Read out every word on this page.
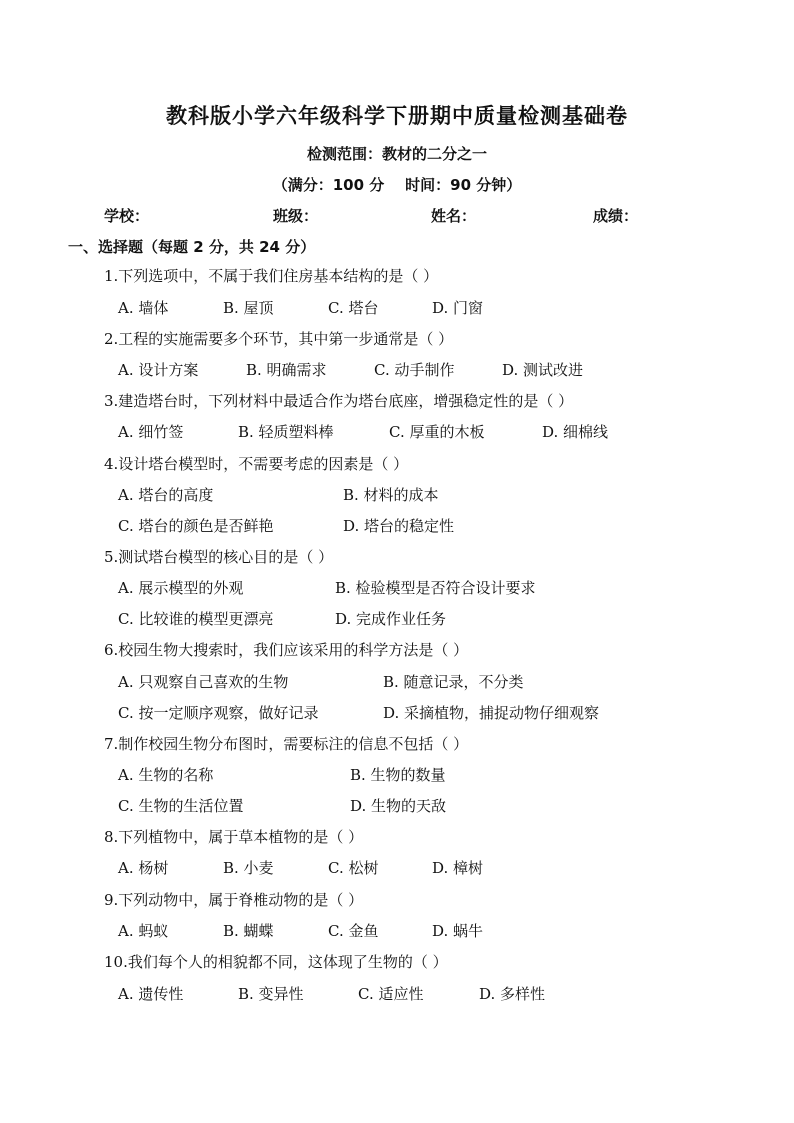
教科版小学六年级科学下册期中质量检测基础卷
检测范围：教材的二分之一
（满分：100 分    时间：90 分钟）
学校：	班级：	姓名：	成绩：
一、选择题（每题 2 分，共 24 分）
1.下列选项中，不属于我们住房基本结构的是（ ）
A. 墙体	B. 屋顶	C. 塔台	D. 门窗
2.工程的实施需要多个环节，其中第一步通常是（ ）
A. 设计方案	B. 明确需求	C. 动手制作	D. 测试改进
3.建造塔台时，下列材料中最适合作为塔台底座，增强稳定性的是（ ）
A. 细竹签	B. 轻质塑料棒	C. 厚重的木板	D. 细棉线
4.设计塔台模型时，不需要考虑的因素是（ ）
A. 塔台的高度	B. 材料的成本
C. 塔台的颜色是否鲜艳	D. 塔台的稳定性
5.测试塔台模型的核心目的是（ ）
A. 展示模型的外观	B. 检验模型是否符合设计要求
C. 比较谁的模型更漂亮	D. 完成作业任务
6.校园生物大搜索时，我们应该采用的科学方法是（ ）
A. 只观察自己喜欢的生物	B. 随意记录，不分类
C. 按一定顺序观察，做好记录	D. 采摘植物，捕捉动物仔细观察
7.制作校园生物分布图时，需要标注的信息不包括（ ）
A. 生物的名称	B. 生物的数量
C. 生物的生活位置	D. 生物的天敌
8.下列植物中，属于草本植物的是（ ）
A. 杨树	B. 小麦	C. 松树	D. 樟树
9.下列动物中，属于脊椎动物的是（ ）
A. 蚂蚁	B. 蝴蝶	C. 金鱼	D. 蜗牛
10.我们每个人的相貌都不同，这体现了生物的（ ）
A. 遗传性	B. 变异性	C. 适应性	D. 多样性
